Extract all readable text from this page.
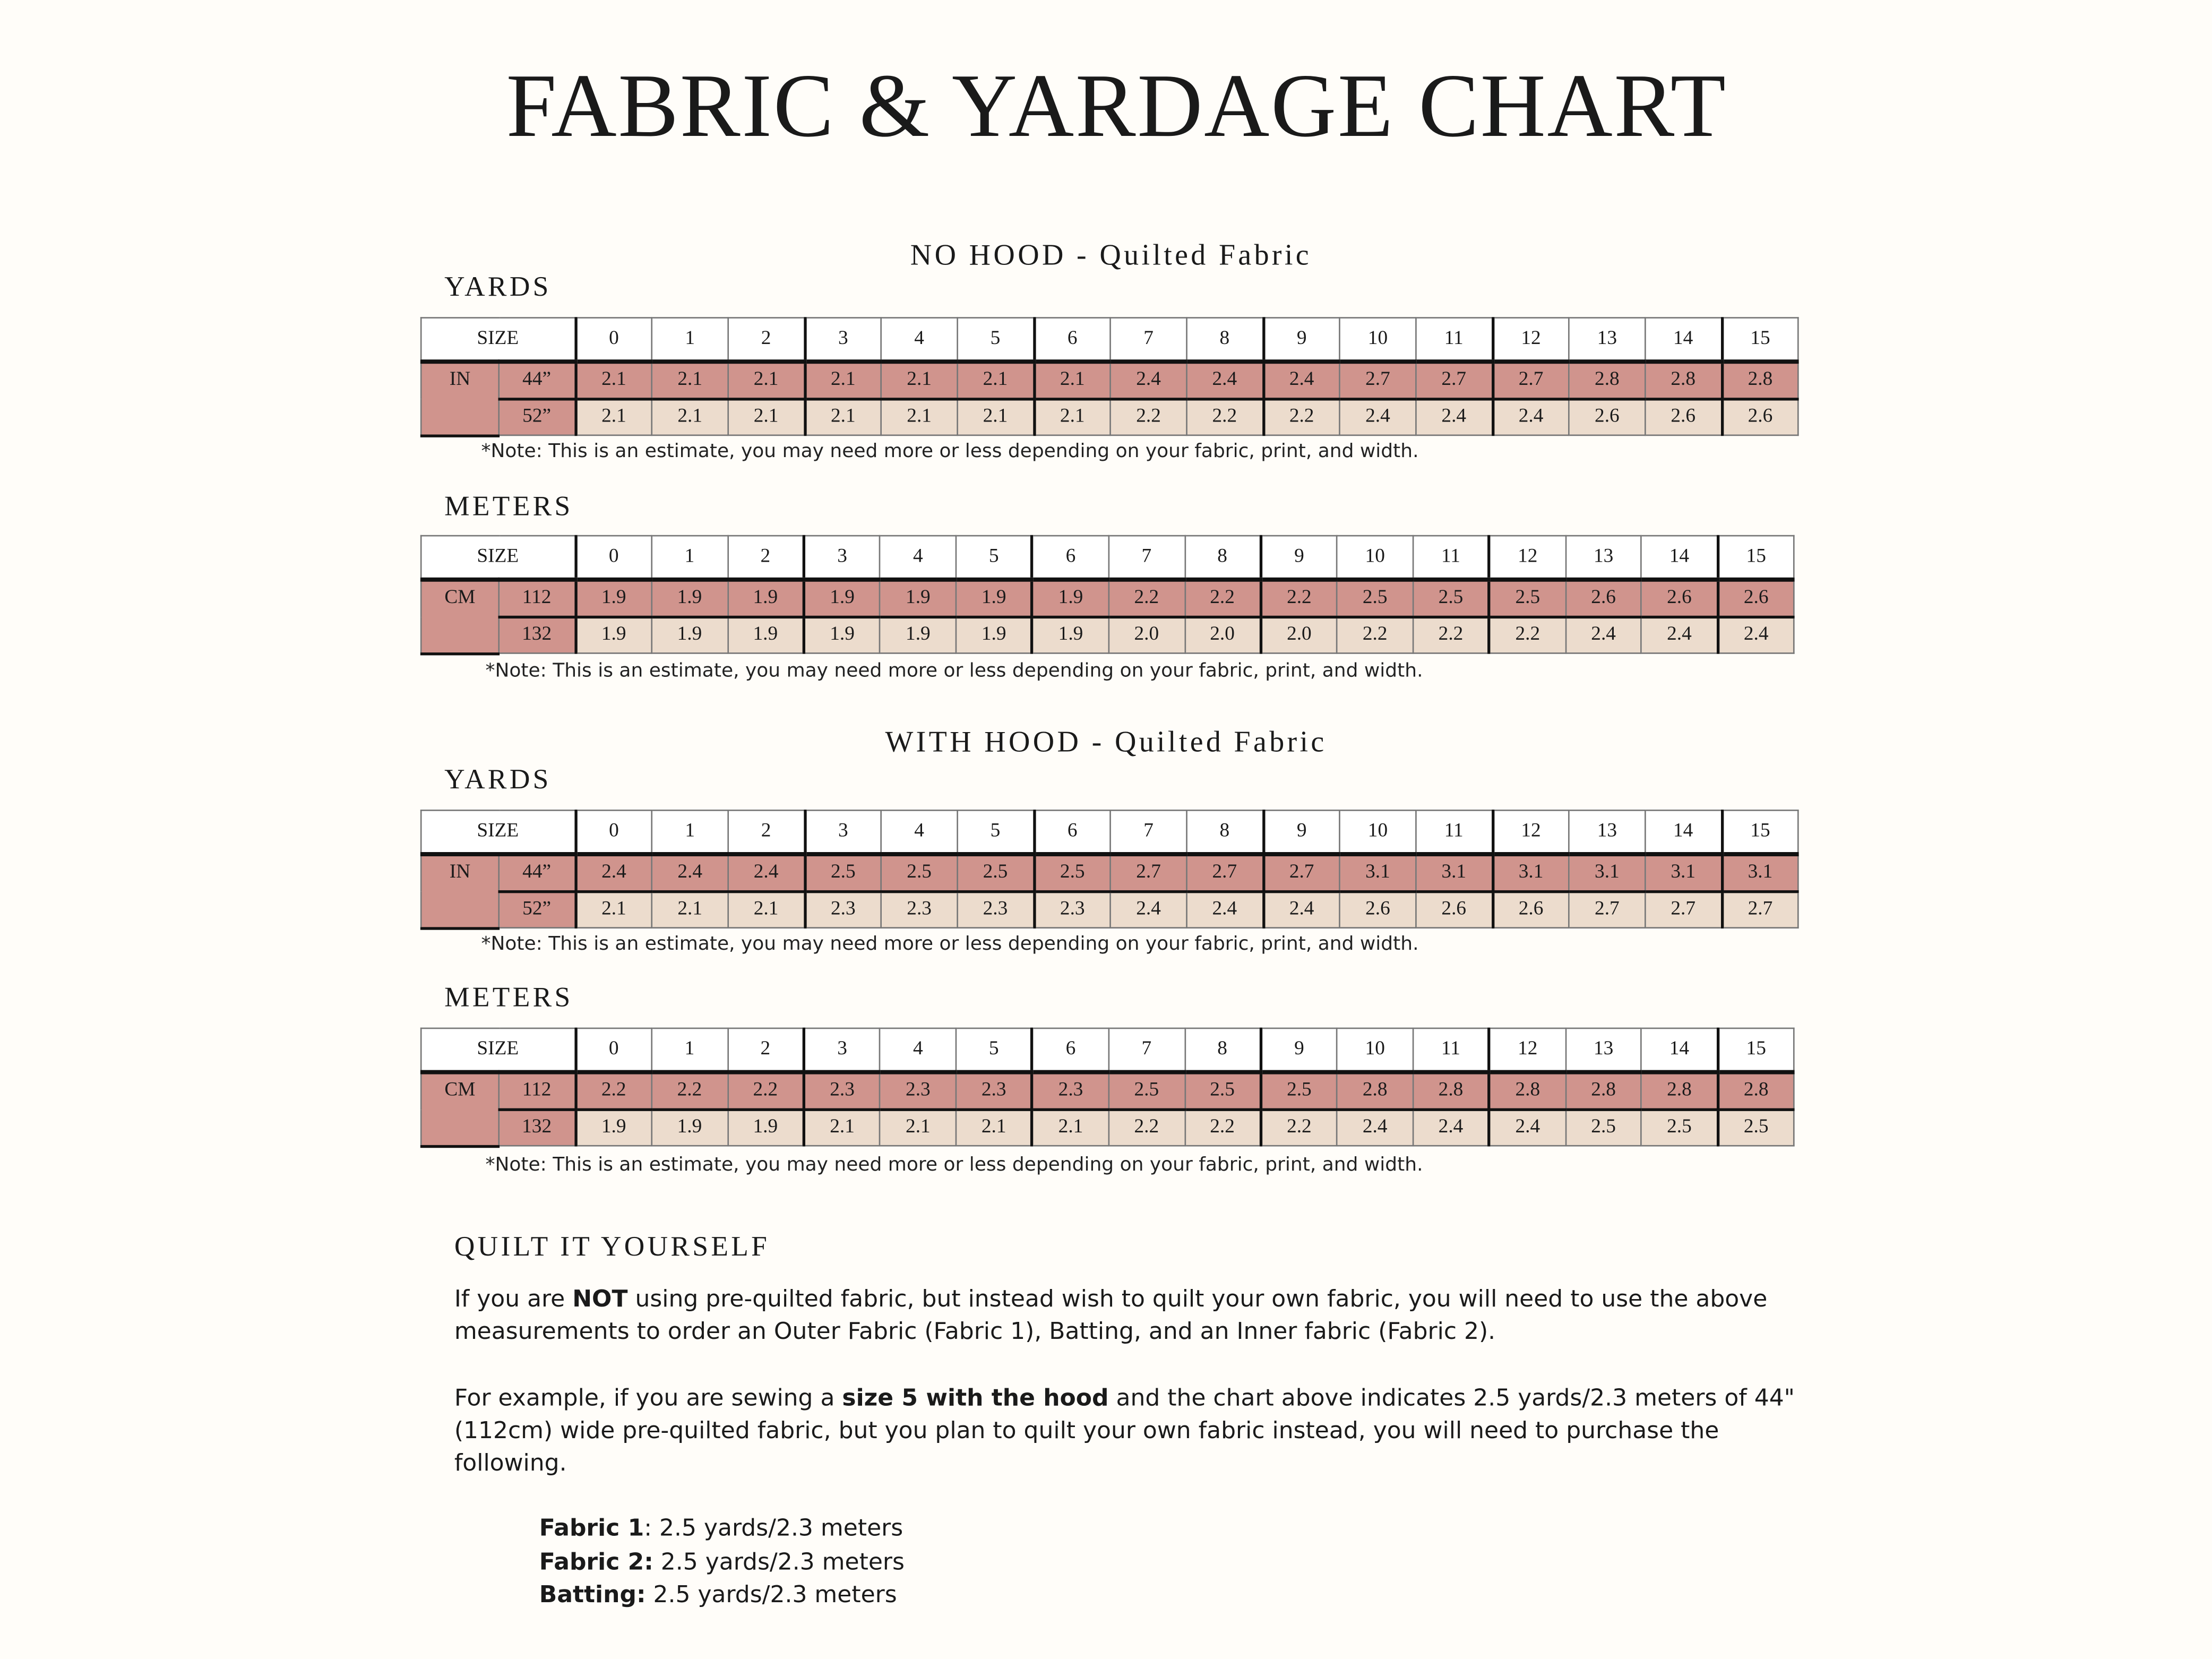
FABRIC & YARDAGE CHART
NO HOOD - Quilted Fabric
YARDS
SIZE		0	1	2	3	4	5	6	7	8	9	10	11	12	13	14	15
IN	44”	2.1	2.1	2.1	2.1	2.1	2.1	2.1	2.4	2.4	2.4	2.7	2.7	2.7	2.8	2.8	2.8
	52”	2.1	2.1	2.1	2.1	2.1	2.1	2.1	2.2	2.2	2.2	2.4	2.4	2.4	2.6	2.6	2.6
*Note: This is an estimate, you may need more or less depending on your fabric, print, and width.
METERS
SIZE		0	1	2	3	4	5	6	7	8	9	10	11	12	13	14	15
CM	112	1.9	1.9	1.9	1.9	1.9	1.9	1.9	2.2	2.2	2.2	2.5	2.5	2.5	2.6	2.6	2.6
	132	1.9	1.9	1.9	1.9	1.9	1.9	1.9	2.0	2.0	2.0	2.2	2.2	2.2	2.4	2.4	2.4
*Note: This is an estimate, you may need more or less depending on your fabric, print, and width.
WITH HOOD - Quilted Fabric
YARDS
SIZE		0	1	2	3	4	5	6	7	8	9	10	11	12	13	14	15
IN	44”	2.4	2.4	2.4	2.5	2.5	2.5	2.5	2.7	2.7	2.7	3.1	3.1	3.1	3.1	3.1	3.1
	52”	2.1	2.1	2.1	2.3	2.3	2.3	2.3	2.4	2.4	2.4	2.6	2.6	2.6	2.7	2.7	2.7
*Note: This is an estimate, you may need more or less depending on your fabric, print, and width.
METERS
SIZE		0	1	2	3	4	5	6	7	8	9	10	11	12	13	14	15
CM	112	2.2	2.2	2.2	2.3	2.3	2.3	2.3	2.5	2.5	2.5	2.8	2.8	2.8	2.8	2.8	2.8
	132	1.9	1.9	1.9	2.1	2.1	2.1	2.1	2.2	2.2	2.2	2.4	2.4	2.4	2.5	2.5	2.5
*Note: This is an estimate, you may need more or less depending on your fabric, print, and width.
QUILT IT YOURSELF
If you are NOT using pre-quilted fabric, but instead wish to quilt your own fabric, you will need to use the above measurements to order an Outer Fabric (Fabric 1), Batting, and an Inner fabric (Fabric 2).
For example, if you are sewing a size 5 with the hood and the chart above indicates 2.5 yards/2.3 meters of 44"(112cm) wide pre-quilted fabric, but you plan to quilt your own fabric instead, you will need to purchase the following.
Fabric 1: 2.5 yards/2.3 meters
Fabric 2: 2.5 yards/2.3 meters
Batting: 2.5 yards/2.3 meters
